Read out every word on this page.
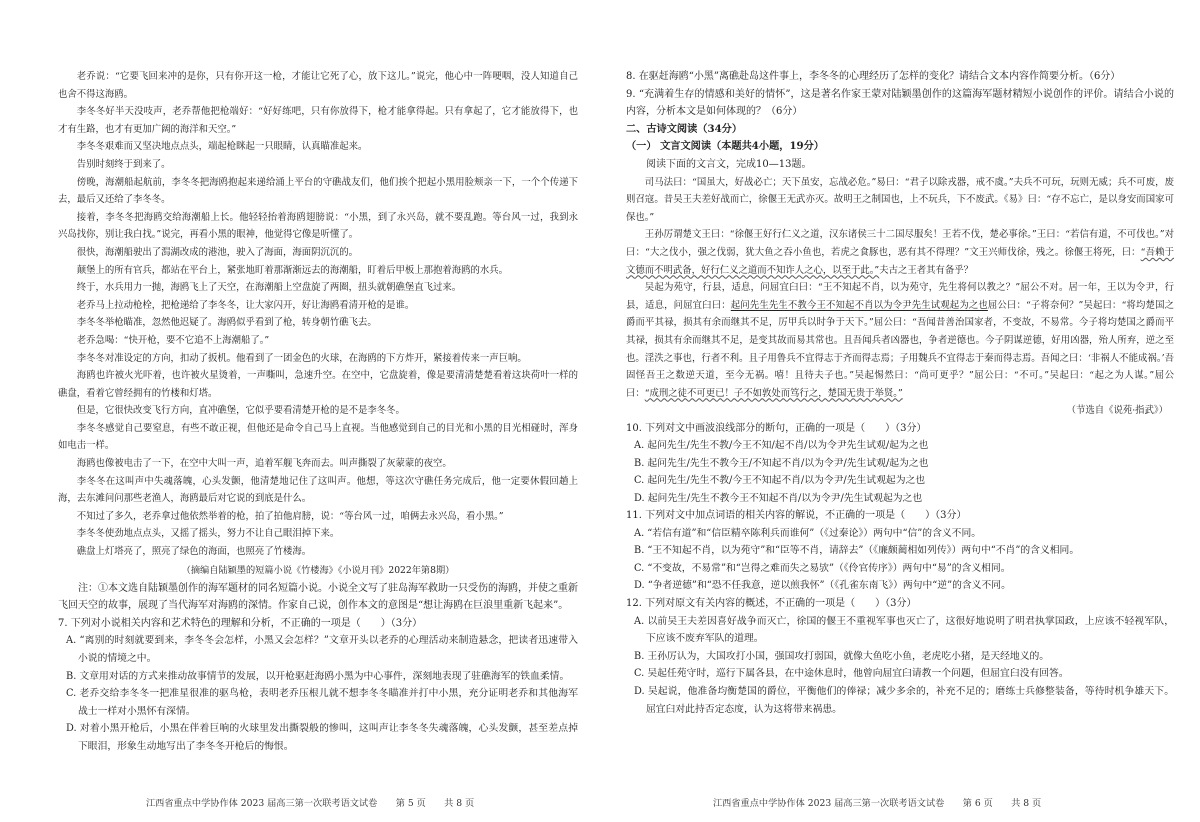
老乔说：“它要飞回来冲的是你，只有你开这一枪，才能让它死了心，放下这儿。”说完，他心中一阵哽咽，没人知道自己也舍不得这海鸥。
李冬冬好半天没吱声，老乔帮他把枪端好：“好好练吧，只有你放得下，枪才能拿得起。只有拿起了，它才能放得下，也才有生路，也才有更加广阔的海洋和天空。”
李冬冬艰难而又坚决地点点头，端起枪眯起一只眼睛，认真瞄准起来。
告别时刻终于到来了。
傍晚，海潮船起航前，李冬冬把海鸥抱起来递给涌上平台的守礁战友们，他们挨个把起小黑用脸颊亲一下，一个个传递下去，最后又还给了李冬冬。
接着，李冬冬把海鸥交给海潮船上长。他轻轻抬着海鸥翅膀说：“小黑，到了永兴岛，就不要乱跑。等台风一过，我到永兴岛找你，别让我白找。”说完，再看小黑的眼神，他觉得它像是听懂了。
很快，海潮船驶出了澙湖改成的港池，驶入了海面，海面阴沉沉的。
颠堡上的所有官兵，都站在平台上，紧张地盯着那渐渐远去的海潮船，盯着后甲板上那抱着海鸥的水兵。
终于，水兵用力一抛，海鸥飞上了天空，在海潮船上空盘旋了两圈，扭头就朝礁堡直飞过来。
老乔马上拉动枪栓，把枪递给了李冬冬，让大家闪开，好让海鸥看清开枪的是谁。
李冬冬举枪瞄准，忽然他迟疑了。海鸥似乎看到了枪，转身朝竹礁飞去。
老乔急喝：“快开枪，要不它追不上海潮船了。”
李冬冬对准设定的方向，扣动了扳机。他看到了一团金色的火球，在海鸥的下方炸开，紧接着传来一声巨响。
海鸥也许被火光吓着，也许被火星烫着，一声嘶叫，急速升空。在空中，它盘旋着，像是要清清楚楚看着这块荷叶一样的礁盘，看着它曾经拥有的竹楼和灯塔。
但是，它很快改变飞行方向，直冲礁堡，它似乎要看清楚开枪的是不是李冬冬。
李冬冬感觉自己要窒息，有些不敢正视，但他还是命令自己马上直视。当他感觉到自己的目光和小黑的目光相碰时，浑身如电击一样。
海鸥也像被电击了一下，在空中大叫一声，追着军舰飞奔而去。叫声撕裂了灰蒙蒙的夜空。
李冬冬在这叫声中失魂落魄，心头发颤，他清楚地记住了这叫声。他想，等这次守礁任务完成后，他一定要休假回趟上海，去东滩问问那些老渔人，海鸥最后对它说的到底是什么。
不知过了多久，老乔拿过他依然举着的枪，拍了拍他肩膀，说：“等台风一过，咱俩去永兴岛，看小黑。”
李冬冬使劲地点点头，又摇了摇头，努力不让自己眼泪掉下来。
礁盘上灯塔亮了，照亮了绿色的海面，也照亮了竹楼海。
（摘编自陆颖墨的短篇小说《竹楼海》《小说月刊》2022年第8期）
注：①本文选自陆颖墨创作的海军题材的同名短篇小说。小说全文写了驻岛海军救助一只受伤的海鸥，并使之重新飞回天空的故事，展现了当代海军对海鸥的深情。作家自己说，创作本文的意图是“想让海鸥在巨浪里重新飞起来”。
7. 下列对小说相关内容和艺术特色的理解和分析，不正确的一项是（　　）（3分）
A. “离别的时刻就要到来，李冬冬会怎样，小黑又会怎样？”文章开头以老乔的心理活动来制造悬念，把读者迅速带入小说的情境之中。
B. 文章用对话的方式来推动故事情节的发展，以开枪驱赶海鸥小黑为中心事件，深刻地表现了驻礁海军的铁血柔情。
C. 老乔交给李冬冬一把准星很准的驱鸟枪，表明老乔压根儿就不想李冬冬瞄准并打中小黑，充分证明老乔和其他海军战士一样对小黑怀有深情。
D. 对着小黑开枪后，小黑在伴着巨响的火球里发出撕裂般的惨叫，这叫声让李冬冬失魂落魄，心头发颤，甚至差点掉下眼泪，形象生动地写出了李冬冬开枪后的悔恨。
江西省重点中学协作体 2023 届高三第一次联考语文试卷　　第 5 页　　共 8 页
8. 在驱赶海鸥“小黑”离礁赴岛这件事上，李冬冬的心理经历了怎样的变化？请结合文本内容作简要分析。（6分）
9. “充满着生存的情感和美好的情怀”，这是著名作家王蒙对陆颖墨创作的这篇海军题材精短小说创作的评价。请结合小说的内容，分析本文是如何体现的？（6分）
二、古诗文阅读（34分）
（一） 文言文阅读（本题共4小题，19分）
阅读下面的文言文，完成10—13题。
司马法曰：“国虽大，好战必亡；天下虽安，忘战必危。”易曰：“君子以除戎器，戒不虞。”夫兵不可玩，玩则无威；兵不可废，废则召寇。昔吴王夫差好战而亡，徐偃王无武亦灭。故明王之制国也，上不玩兵，下不废武。《易》曰：“存不忘亡，是以身安而国家可保也。”
王孙厉谓楚文王曰：“徐偃王好行仁义之道，汉东诸侯三十二国尽服矣！王若不伐，楚必事徐。”王曰：“若信有道，不可伐也。”对曰：“大之伐小，强之伐弱，犹大鱼之吞小鱼也，若虎之食豚也，恶有其不得理？”文王兴师伐徐，残之。徐偃王将死，曰：“吾赖于文德而不明武备，好行仁义之道而不知诈人之心，以至于此。”夫古之王者其有备乎？
吴起为苑守，行县，适息，问屈宜臼曰：“王不知起不肖，以为苑守，先生将何以教之？”屈公不对。居一年，王以为令尹，行县，适息，问屈宜臼曰：起问先生先生不教今王不知起不肖以为令尹先生试观起为之也屈公曰：“子将奈何？”吴起曰：“将均楚国之爵而平其禄，损其有余而继其不足，厉甲兵以时争于天下。”屈公曰：“吾闻昔善治国家者，不变故，不易常。今子将均楚国之爵而平其禄，损其有余而继其不足，是变其故而易其常也。且吾闻兵者凶器也，争者逆德也。今子阴谋逆德，好用凶器，殆人所弃，逆之至也。淫泆之事也，行者不利。且子用鲁兵不宜得志于齐而得志焉；子用魏兵不宜得志于秦而得志焉。吾闻之曰：‘非祸人不能成祸。’吾固怪吾王之数逆天道，至今无祸。嘻！且待夫子也。”吴起惕然曰：“尚可更乎？”屈公曰：“不可。”吴起曰：“起之为人谋。”屈公曰：“成刑之徒不可更已！子不如敦处而笃行之，楚国无贵于举贤。”
（节选自《说苑·指武》）
10. 下列对文中画波浪线部分的断句，正确的一项是（　　）（3分）
A. 起问先生/先生不教/今王不知/起不肖/以为令尹先生试观/起为之也
B. 起问先生/先生不教今王/不知起不肖/以为令尹/先生试观/起为之也
C. 起问先生/先生不教/今王不知起不肖/以为令尹/先生试观起为之也
D. 起问先生/先生不教今王不知起不肖/以为令尹/先生试观起为之也
11. 下列对文中加点词语的相关内容的解说，不正确的一项是（　　）（3分）
A. “若信有道”和“信臣精卒陈利兵而谁何”（《过秦论》）两句中“信”的含义不同。
B. “王不知起不肖，以为苑守”和“臣等不肖，请辞去”（《廉颇蔺相如列传》）两句中“不肖”的含义相同。
C. “不变故，不易常”和“岂得之难而失之易欤”（《伶官传序》）两句中“易”的含义相同。
D. “争者逆德”和“恐不任我意，逆以煎我怀”（《孔雀东南飞》）两句中“逆”的含义不同。
12. 下列对原文有关内容的概述，不正确的一项是（　　）（3分）
A. 以前吴王夫差因喜好战争而灭亡，徐国的偃王不重视军事也灭亡了，这很好地说明了明君执掌国政，上应该不轻视军队，下应该不废弃军队的道理。
B. 王孙厉认为，大国攻打小国，强国攻打弱国，就像大鱼吃小鱼，老虎吃小猪，是天经地义的。
C. 吴起任苑守时，巡行下属各县，在中途休息时，他曾向屈宜臼请教一个问题，但屈宜臼没有回答。
D. 吴起说，他准备均衡楚国的爵位，平衡他们的俸禄；减少多余的，补充不足的；磨练士兵修整装备，等待时机争雄天下。屈宜臼对此持否定态度，认为这将带来祸患。
江西省重点中学协作体 2023 届高三第一次联考语文试卷　　第 6 页　　共 8 页
